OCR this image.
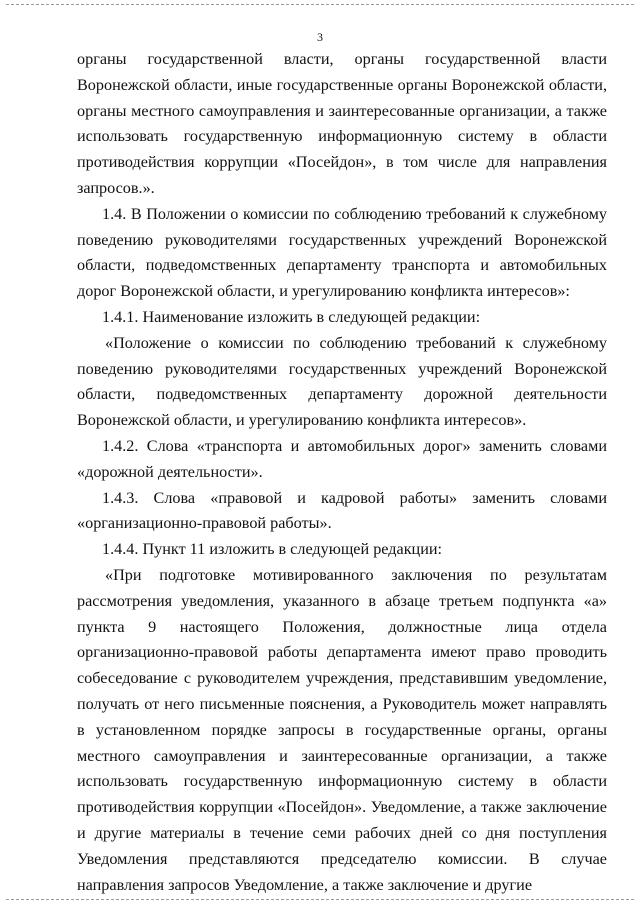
3

органы государственной власти, органы государственной власти Воронежской области, иные государственные органы Воронежской области, органы местного самоуправления и заинтересованные организации, а также использовать государственную информационную систему в области противодействия коррупции «Посейдон», в том числе для направления запросов.».

1.4. В Положении о комиссии по соблюдению требований к служебному поведению руководителями государственных учреждений Воронежской области, подведомственных департаменту транспорта и автомобильных дорог Воронежской области, и урегулированию конфликта интересов»:

1.4.1. Наименование изложить в следующей редакции:

«Положение о комиссии по соблюдению требований к служебному поведению руководителями государственных учреждений Воронежской области, подведомственных департаменту дорожной деятельности Воронежской области, и урегулированию конфликта интересов».

1.4.2. Слова «транспорта и автомобильных дорог» заменить словами «дорожной деятельности».

1.4.3. Слова «правовой и кадровой работы» заменить словами «организационно-правовой работы».

1.4.4. Пункт 11 изложить в следующей редакции:

«При подготовке мотивированного заключения по результатам рассмотрения уведомления, указанного в абзаце третьем подпункта «а» пункта 9 настоящего Положения, должностные лица отдела организационно-правовой работы департамента имеют право проводить собеседование с руководителем учреждения, представившим уведомление, получать от него письменные пояснения, а Руководитель может направлять в установленном порядке запросы в государственные органы, органы местного самоуправления и заинтересованные организации, а также использовать государственную информационную систему в области противодействия коррупции «Посейдон». Уведомление, а также заключение и другие материалы в течение семи рабочих дней со дня поступления Уведомления представляются председателю комиссии. В случае направления запросов Уведомление, а также заключение и другие
